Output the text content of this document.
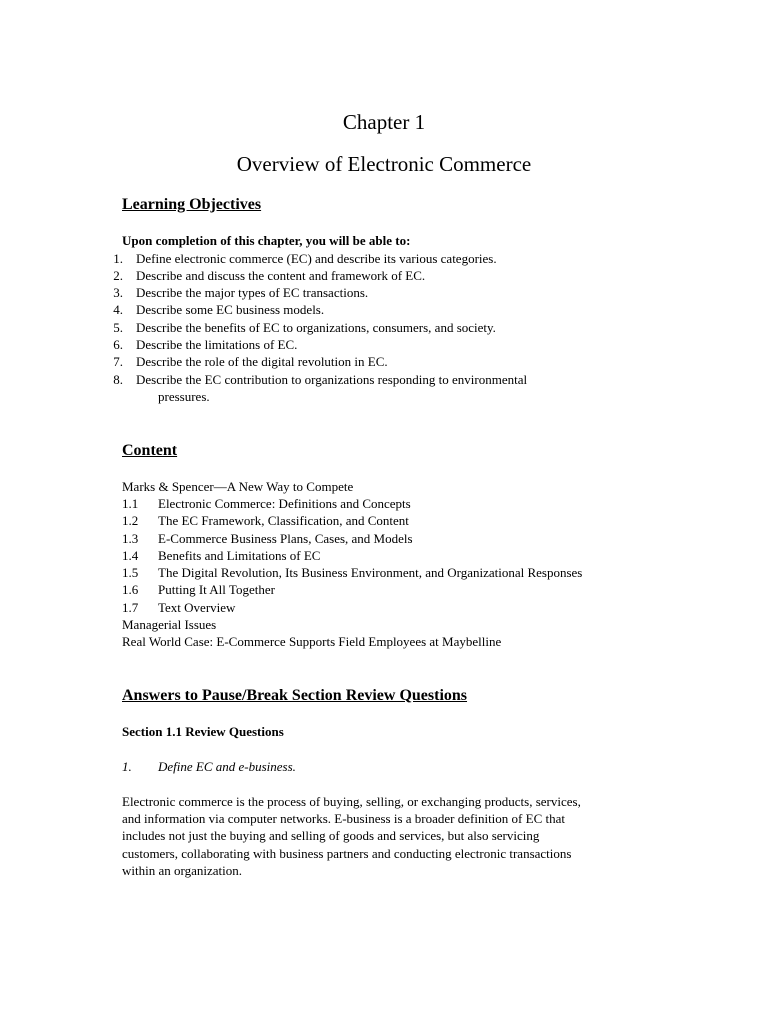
Chapter 1
Overview of Electronic Commerce
Learning Objectives
Upon completion of this chapter, you will be able to:
1. Define electronic commerce (EC) and describe its various categories.
2. Describe and discuss the content and framework of EC.
3. Describe the major types of EC transactions.
4. Describe some EC business models.
5. Describe the benefits of EC to organizations, consumers, and society.
6. Describe the limitations of EC.
7. Describe the role of the digital revolution in EC.
8. Describe the EC contribution to organizations responding to environmental
pressures.
Content
Marks & Spencer—A New Way to Compete
1.1 Electronic Commerce: Definitions and Concepts
1.2 The EC Framework, Classification, and Content
1.3 E-Commerce Business Plans, Cases, and Models
1.4 Benefits and Limitations of EC
1.5 The Digital Revolution, Its Business Environment, and Organizational Responses
1.6 Putting It All Together
1.7 Text Overview
Managerial Issues
Real World Case: E-Commerce Supports Field Employees at Maybelline
Answers to Pause/Break Section Review Questions
Section 1.1 Review Questions
1. Define EC and e-business.
Electronic commerce is the process of buying, selling, or exchanging products, services,
and information via computer networks. E-business is a broader definition of EC that
includes not just the buying and selling of goods and services, but also servicing
customers, collaborating with business partners and conducting electronic transactions
within an organization.
